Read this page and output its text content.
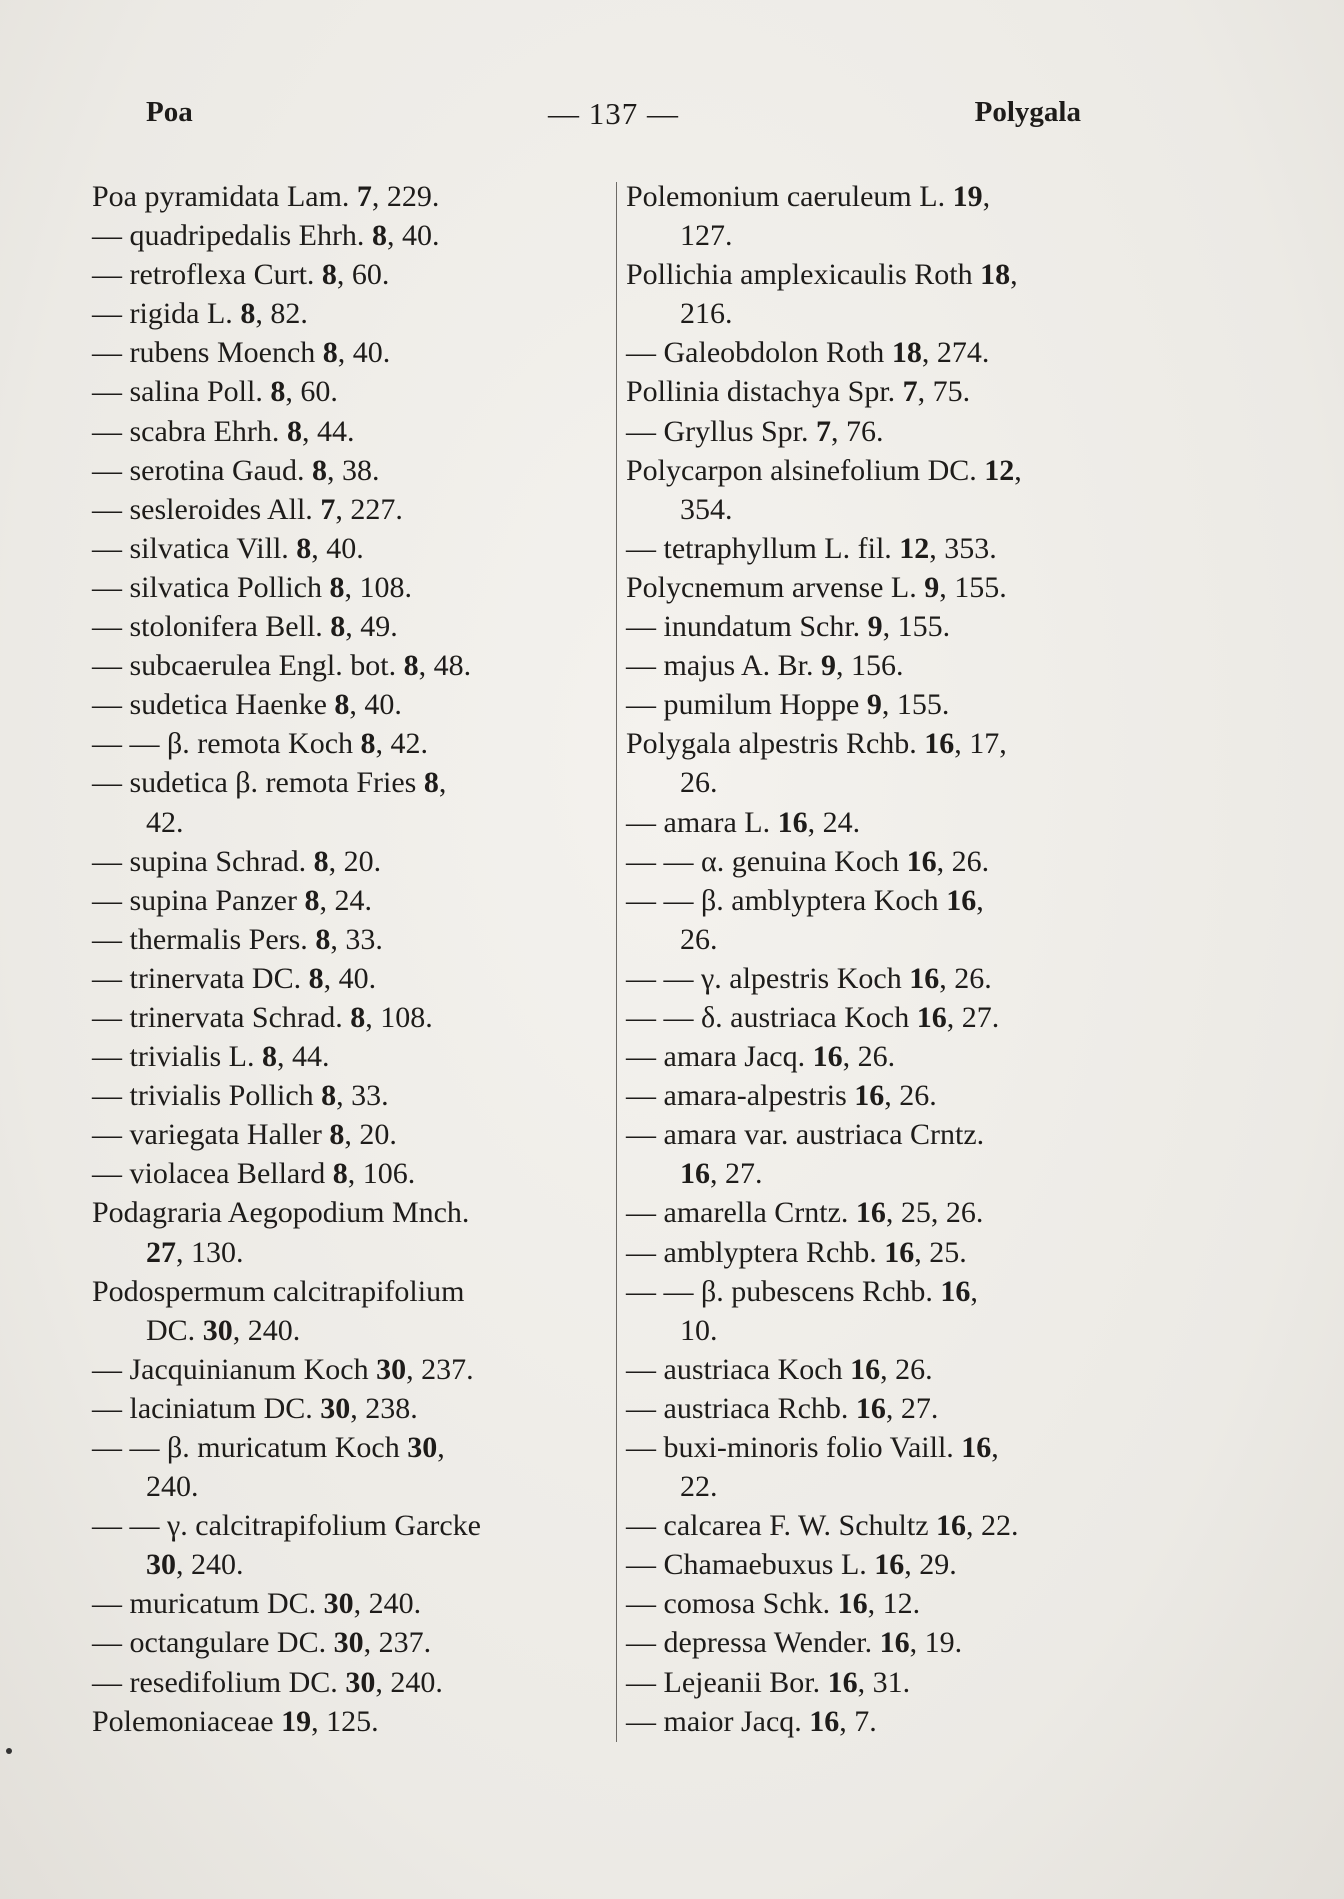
Poa	— 137 —	Polygala
Poa pyramidata Lam. 7, 229.
— quadripedalis Ehrh. 8, 40.
— retroflexa Curt. 8, 60.
— rigida L. 8, 82.
— rubens Moench 8, 40.
— salina Poll. 8, 60.
— scabra Ehrh. 8, 44.
— serotina Gaud. 8, 38.
— sesleroides All. 7, 227.
— silvatica Vill. 8, 40.
— silvatica Pollich 8, 108.
— stolonifera Bell. 8, 49.
— subcaerulea Engl. bot. 8, 48.
— sudetica Haenke 8, 40.
— — β. remota Koch 8, 42.
— sudetica β. remota Fries 8,
42.
— supina Schrad. 8, 20.
— supina Panzer 8, 24.
— thermalis Pers. 8, 33.
— trinervata DC. 8, 40.
— trinervata Schrad. 8, 108.
— trivialis L. 8, 44.
— trivialis Pollich 8, 33.
— variegata Haller 8, 20.
— violacea Bellard 8, 106.
Podagraria Aegopodium Mnch.
27, 130.
Podospermum calcitrapifolium
DC. 30, 240.
— Jacquinianum Koch 30, 237.
— laciniatum DC. 30, 238.
— — β. muricatum Koch 30,
240.
— — γ. calcitrapifolium Garcke
30, 240.
— muricatum DC. 30, 240.
— octangulare DC. 30, 237.
— resedifolium DC. 30, 240.
Polemoniaceae 19, 125.
Polemonium caeruleum L. 19,
127.
Pollichia amplexicaulis Roth 18,
216.
— Galeobdolon Roth 18, 274.
Pollinia distachya Spr. 7, 75.
— Gryllus Spr. 7, 76.
Polycarpon alsinefolium DC. 12,
354.
— tetraphyllum L. fil. 12, 353.
Polycnemum arvense L. 9, 155.
— inundatum Schr. 9, 155.
— majus A. Br. 9, 156.
— pumilum Hoppe 9, 155.
Polygala alpestris Rchb. 16, 17,
26.
— amara L. 16, 24.
— — α. genuina Koch 16, 26.
— — β. amblyptera Koch 16,
26.
— — γ. alpestris Koch 16, 26.
— — δ. austriaca Koch 16, 27.
— amara Jacq. 16, 26.
— amara-alpestris 16, 26.
— amara var. austriaca Crntz.
16, 27.
— amarella Crntz. 16, 25, 26.
— amblyptera Rchb. 16, 25.
— — β. pubescens Rchb. 16,
10.
— austriaca Koch 16, 26.
— austriaca Rchb. 16, 27.
— buxi-minoris folio Vaill. 16,
22.
— calcarea F. W. Schultz 16, 22.
— Chamaebuxus L. 16, 29.
— comosa Schk. 16, 12.
— depressa Wender. 16, 19.
— Lejeanii Bor. 16, 31.
— maior Jacq. 16, 7.
